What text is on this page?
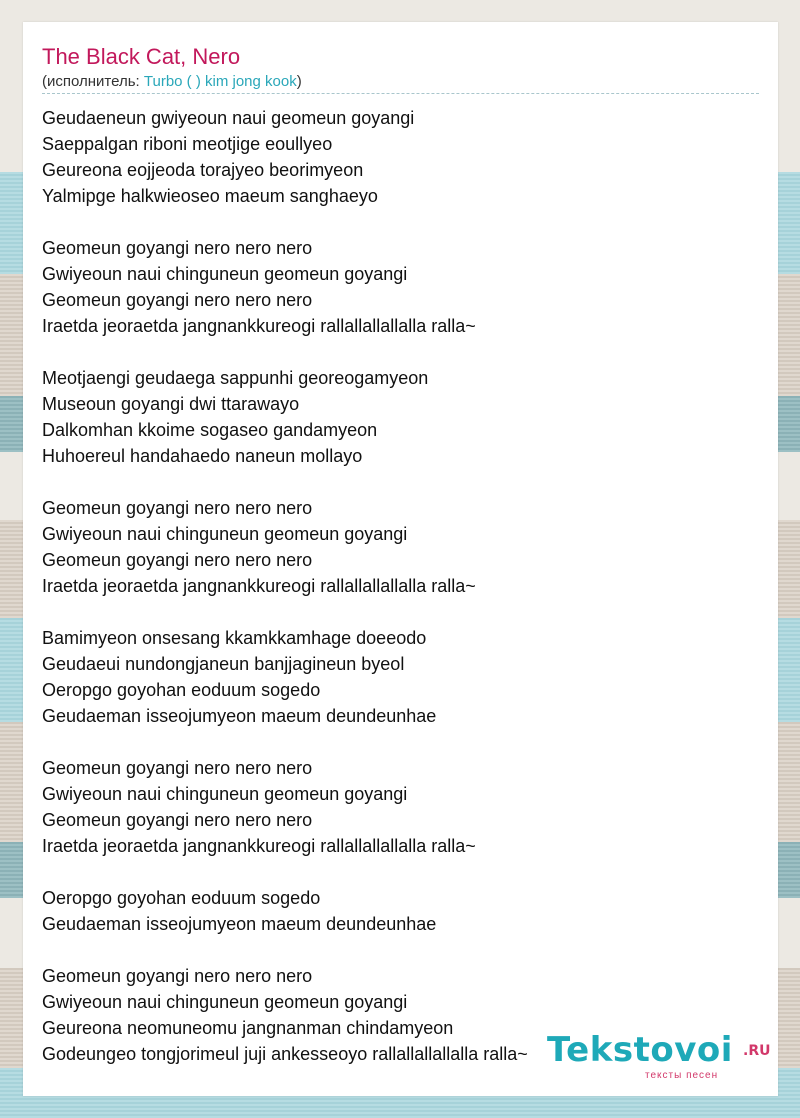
The Black Cat, Nero
(исполнитель: Turbo ( ) kim jong kook)
Geudaeneun gwiyeoun naui geomeun goyangi
Saeppalgan riboni meotjige eoullyeo
Geureona eojjeoda torajyeo beorimyeon
Yalmipge halkwieoseo maeum sanghaeyo
Geomeun goyangi nero nero nero
Gwiyeoun naui chinguneun geomeun goyangi
Geomeun goyangi nero nero nero
Iraetda jeoraetda jangnankkureogi rallallallallalla ralla~
Meotjaengi geudaega sappunhi georeogamyeon
Museoun goyangi dwi ttarawayo
Dalkomhan kkoime sogaseo gandamyeon
Huhoereul handahaedo naneun mollayo
Geomeun goyangi nero nero nero
Gwiyeoun naui chinguneun geomeun goyangi
Geomeun goyangi nero nero nero
Iraetda jeoraetda jangnankkureogi rallallallallalla ralla~
Bamimyeon onsesang kkamkkamhage doeeodo
Geudaeui nundongjaneun banjjagineun byeol
Oeropgo goyohan eoduum sogedo
Geudaeman isseojumyeon maeum deundeunhae
Geomeun goyangi nero nero nero
Gwiyeoun naui chinguneun geomeun goyangi
Geomeun goyangi nero nero nero
Iraetda jeoraetda jangnankkureogi rallallallallalla ralla~
Oeropgo goyohan eoduum sogedo
Geudaeman isseojumyeon maeum deundeunhae
Geomeun goyangi nero nero nero
Gwiyeoun naui chinguneun geomeun goyangi
Geureona neomuneomu jangnanman chindamyeon
Godeungeo tongjorimeul juji ankesseoyo rallallallallalla ralla~ Tekstovoi .RU
тексты песен
